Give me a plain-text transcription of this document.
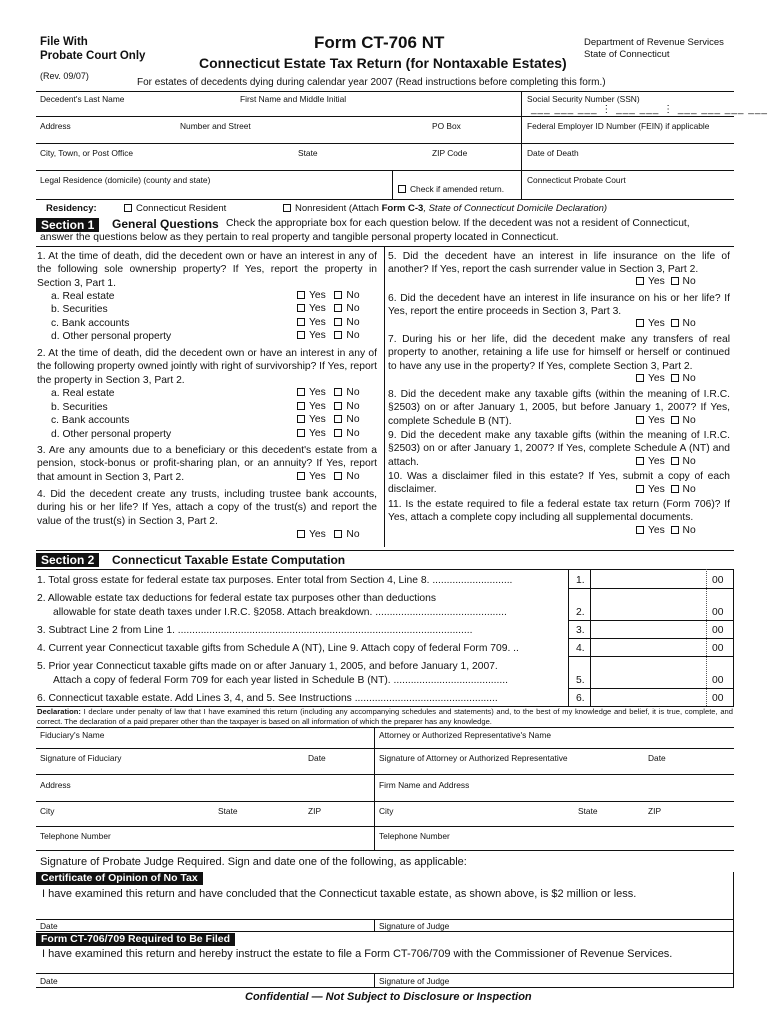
File With
Probate Court Only
(Rev. 09/07)
Form CT-706 NT
Connecticut Estate Tax Return (for Nontaxable Estates)
Department of Revenue Services
State of Connecticut
For estates of decedents dying during calendar year 2007 (Read instructions before completing this form.)
Decedent's Last Name	First Name and Middle Initial	Social Security Number (SSN)
___ ___ ___ ⋮ ___ ___ ⋮ ___ ___ ___ ___
Address	Number and Street	PO Box	Federal Employer ID Number (FEIN) if applicable
City, Town, or Post Office	State	ZIP Code	Date of Death
Legal Residence (domicile) (county and state)
Check if amended return.
Connecticut Probate Court
Residency:	Connecticut Resident	Nonresident (Attach Form C-3, State of Connecticut Domicile Declaration)
Section 1	General Questions Check the appropriate box for each question below. If the decedent was not a resident of Connecticut,
answer the questions below as they pertain to real property and tangible personal property located in Connecticut.
1. At the time of death, did the decedent own or have an interest in any of the following sole ownership property? If Yes, report the property in Section 3, Part 1.
a. Real estate
b. Securities
c. Bank accounts
d. Other personal property
2. At the time of death, did the decedent own or have an interest in any of the following property owned jointly with right of survivorship? If Yes, report the property in Section 3, Part 2.
a. Real estate
b. Securities
c. Bank accounts
d. Other personal property
3. Are any amounts due to a beneficiary or this decedent's estate from a pension, stock-bonus or profit-sharing plan, or an annuity? If Yes, report that amount in Section 3, Part 2.
4. Did the decedent create any trusts, including trustee bank accounts, during his or her life? If Yes, attach a copy of the trust(s) and report the value of the trust(s) in Section 3, Part 2.
Yes No
Yes No
Yes No
Yes No
Yes No
Yes No
Yes No
Yes No
Yes No
Yes No
5. Did the decedent have an interest in life insurance on the life of another? If Yes, report the cash surrender value in Section 3, Part 2.
6. Did the decedent have an interest in life insurance on his or her life? If Yes, report the entire proceeds in Section 3, Part 3.
7. During his or her life, did the decedent make any transfers of real property to another, retaining a life use for himself or herself or continued to have any use in the property? If Yes, complete Section 3, Part 2.
8. Did the decedent make any taxable gifts (within the meaning of I.R.C. §2503) on or after January 1, 2005, but before January 1, 2007? If Yes, complete Schedule B (NT).
9. Did the decedent make any taxable gifts (within the meaning of I.R.C. §2503) on or after January 1, 2007? If Yes, complete Schedule A (NT) and attach.
10. Was a disclaimer filed in this estate? If Yes, submit a copy of each disclaimer.
11. Is the estate required to file a federal estate tax return (Form 706)? If Yes, attach a complete copy including all supplemental documents.
Yes No
Yes No
Yes No
Yes No
Yes No
Yes No
Yes No
Section 2	Connecticut Taxable Estate Computation
1. Total gross estate for federal estate tax purposes. Enter total from Section 4, Line 8. ............................	1.	00
2. Allowable estate tax deductions for federal estate tax purposes other than deductions
allowable for state death taxes under I.R.C. §2058. Attach breakdown. ..............................................	2.	00
3. Subtract Line 2 from Line 1. .......................................................................................................	3.	00
4. Current year Connecticut taxable gifts from Schedule A (NT), Line 9. Attach copy of federal Form 709. ..	4.	00
5. Prior year Connecticut taxable gifts made on or after January 1, 2005, and before January 1, 2007.
Attach a copy of federal Form 709 for each year listed in Schedule B (NT). ........................................	5.	00
6. Connecticut taxable estate. Add Lines 3, 4, and 5. See Instructions ..................................................	6.	00
Declaration: I declare under penalty of law that I have examined this return (including any accompanying schedules and statements) and, to the best of my knowledge and belief, it is true, complete, and correct. The declaration of a paid preparer other than the taxpayer is based on all information of which the preparer has any knowledge.
Fiduciary's Name	Attorney or Authorized Representative's Name
Signature of Fiduciary	Date	Signature of Attorney or Authorized Representative	Date
Address	Firm Name and Address
City	State	ZIP	City	State	ZIP
Telephone Number	Telephone Number
Signature of Probate Judge Required. Sign and date one of the following, as applicable:
Certificate of Opinion of No Tax
I have examined this return and have concluded that the Connecticut taxable estate, as shown above, is $2 million or less.
Date	Signature of Judge
Form CT-706/709 Required to Be Filed
I have examined this return and hereby instruct the estate to file a Form CT-706/709 with the Commissioner of Revenue Services.
Date	Signature of Judge
Confidential — Not Subject to Disclosure or Inspection
